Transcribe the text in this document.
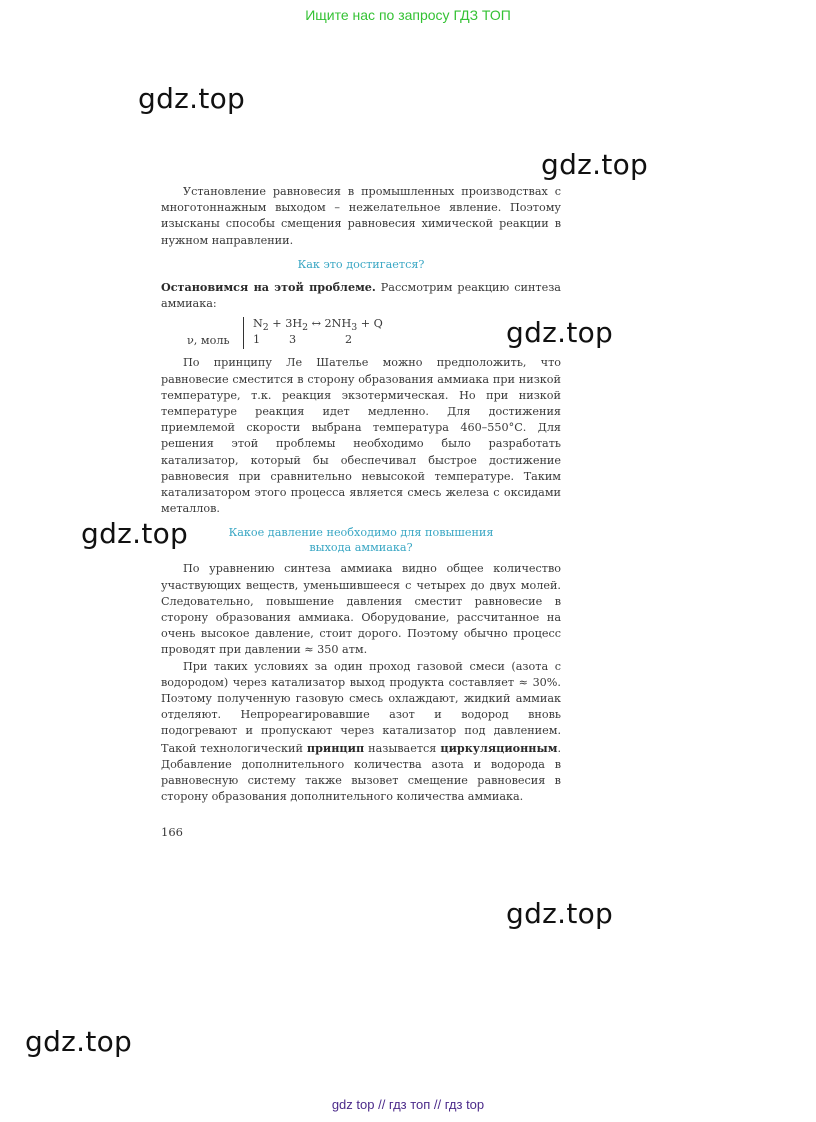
Ищите нас по запросу ГДЗ ТОП
gdz.top
gdz.top
gdz.top
gdz.top
gdz.top
gdz.top

Установление равновесия в промышленных производствах с многотоннажным выходом – нежелательное явление. Поэтому изысканы способы смещения равновесия химической реакции в нужном направлении.

Как это достигается?

Остановимся на этой проблеме. Рассмотрим реакцию синтеза аммиака:

ν, моль
$N_2 + 3H_2$ ↔ $2NH_3 + Q$
1	3	2

По принципу Ле Шателье можно предположить, что равновесие сместится в сторону образования аммиака при низкой температуре, т.к. реакция экзотермическая. Но при низкой температуре реакция идет медленно. Для достижения приемлемой скорости выбрана температура 460–550°С. Для решения этой проблемы необходимо было разработать катализатор, который бы обеспечивал быстрое достижение равновесия при сравнительно невысокой температуре. Таким катализатором этого процесса является смесь железа с оксидами металлов.

Какое давление необходимо для повышения
выхода аммиака?

По уравнению синтеза аммиака видно общее количество участвующих веществ, уменьшившееся с четырех до двух молей. Следовательно, повышение давления сместит равновесие в сторону образования аммиака. Оборудование, рассчитанное на очень высокое давление, стоит дорого. Поэтому обычно процесс проводят при давлении ≈ 350 атм.

При таких условиях за один проход газовой смеси (азота с водородом) через катализатор выход продукта составляет ≈ 30%. Поэтому полученную газовую смесь охлаждают, жидкий аммиак отделяют. Непрореагировавшие азот и водород вновь подогревают и пропускают через катализатор под давлением. Такой технологический принцип называется циркуляционным. Добавление дополнительного количества азота и водорода в равновесную систему также вызовет смещение равновесия в сторону образования дополнительного количества аммиака.

166
gdz top // гдз топ // гдз top
